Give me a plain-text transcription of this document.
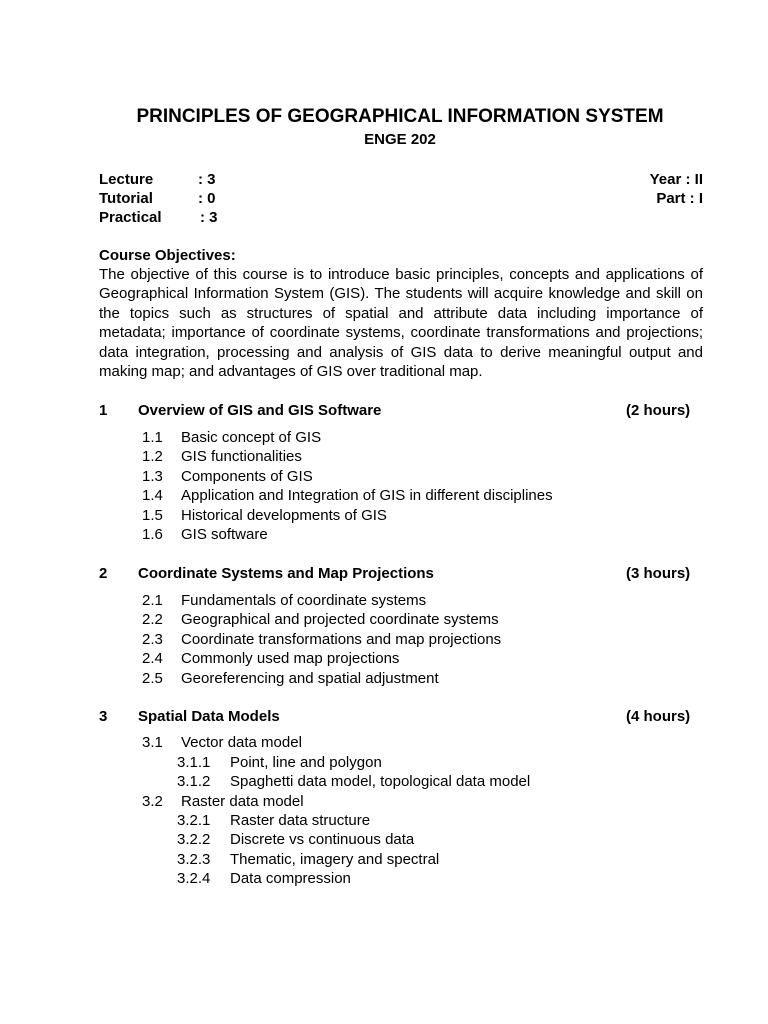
PRINCIPLES OF GEOGRAPHICAL INFORMATION SYSTEM
ENGE 202
Lecture	: 3	Year : II
Tutorial	: 0	Part : I
Practical	: 3
Course Objectives:
The objective of this course is to introduce basic principles, concepts and applications of Geographical Information System (GIS). The students will acquire knowledge and skill on the topics such as structures of spatial and attribute data including importance of metadata; importance of coordinate systems, coordinate transformations and projections; data integration, processing and analysis of GIS data to derive meaningful output and making map; and advantages of GIS over traditional map.
1 Overview of GIS and GIS Software	(2 hours)
1.1 Basic concept of GIS
1.2 GIS functionalities
1.3 Components of GIS
1.4 Application and Integration of GIS in different disciplines
1.5 Historical developments of GIS
1.6 GIS software
2 Coordinate Systems and Map Projections	(3 hours)
2.1 Fundamentals of coordinate systems
2.2 Geographical and projected coordinate systems
2.3 Coordinate transformations and map projections
2.4 Commonly used map projections
2.5 Georeferencing and spatial adjustment
3 Spatial Data Models	(4 hours)
3.1 Vector data model
3.1.1 Point, line and polygon
3.1.2 Spaghetti data model, topological data model
3.2 Raster data model
3.2.1 Raster data structure
3.2.2 Discrete vs continuous data
3.2.3 Thematic, imagery and spectral
3.2.4 Data compression
